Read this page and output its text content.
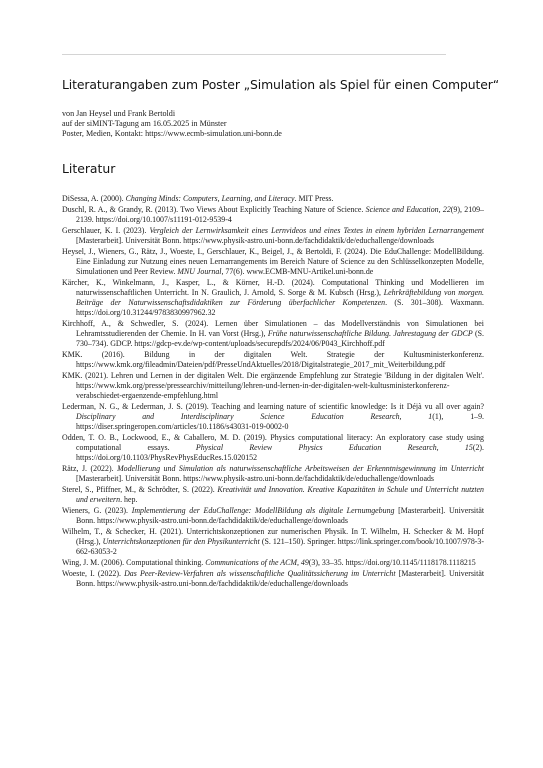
Literaturangaben zum Poster „Simulation als Spiel für einen Computer“
von Jan Heysel und Frank Bertoldi
auf der siMINT-Tagung am 16.05.2025 in Münster
Poster, Medien, Kontakt: https://www.ecmb-simulation.uni-bonn.de
Literatur
DiSessa, A. (2000). Changing Minds: Computers, Learning, and Literacy. MIT Press.
Duschl, R. A., & Grandy, R. (2013). Two Views About Explicitly Teaching Nature of Science. Science and Education, 22(9), 2109–2139. https://doi.org/10.1007/s11191-012-9539-4
Gerschlauer, K. I. (2023). Vergleich der Lernwirksamkeit eines Lernvideos und eines Textes in einem hybriden Lernarrangement [Masterarbeit]. Universität Bonn. https://www.physik-astro.uni-bonn.de/fachdidaktik/de/educhallenge/downloads
Heysel, J., Wieners, G., Rätz, J., Woeste, I., Gerschlauer, K., Beigel, J., & Bertoldi, F. (2024). Die EduChallenge: ModellBildung. Eine Einladung zur Nutzung eines neuen Lernarrangements im Bereich Nature of Science zu den Schlüsselkonzepten Modelle, Simulationen und Peer Review. MNU Journal, 77(6). www.ECMB-MNU-Artikel.uni-bonn.de
Kärcher, K., Winkelmann, J., Kasper, L., & Körner, H.-D. (2024). Computational Thinking und Modellieren im naturwissenschaftlichen Unterricht. In N. Graulich, J. Arnold, S. Sorge & M. Kubsch (Hrsg.), Lehrkräftebildung von morgen. Beiträge der Naturwissenschaftsdidaktiken zur Förderung überfachlicher Kompetenzen. (S. 301–308). Waxmann. https://doi.org/10.31244/9783830997962.32
Kirchhoff, A., & Schwedler, S. (2024). Lernen über Simulationen – das Modellverständnis von Simulationen bei Lehramtsstudierenden der Chemie. In H. van Vorst (Hrsg.), Frühe naturwissenschaftliche Bildung. Jahrestagung der GDCP (S. 730–734). GDCP. https://gdcp-ev.de/wp-content/uploads/securepdfs/2024/06/P043_Kirchhoff.pdf
KMK. (2016). Bildung in der digitalen Welt. Strategie der Kultusministerkonferenz. https://www.kmk.org/fileadmin/Dateien/pdf/PresseUndAktuelles/2018/Digitalstrategie_2017_mit_Weiterbildung.pdf
KMK. (2021). Lehren und Lernen in der digitalen Welt. Die ergänzende Empfehlung zur Strategie 'Bildung in der digitalen Welt'. https://www.kmk.org/presse/pressearchiv/mitteilung/lehren-und-lernen-in-der-digitalen-welt-kultusministerkonferenz-verabschiedet-ergaenzende-empfehlung.html
Lederman, N. G., & Lederman, J. S. (2019). Teaching and learning nature of scientific knowledge: Is it Déjà vu all over again? Disciplinary and Interdisciplinary Science Education Research, 1(1), 1–9. https://diser.springeropen.com/articles/10.1186/s43031-019-0002-0
Odden, T. O. B., Lockwood, E., & Caballero, M. D. (2019). Physics computational literacy: An exploratory case study using computational essays. Physical Review Physics Education Research, 15(2). https://doi.org/10.1103/PhysRevPhysEducRes.15.020152
Rätz, J. (2022). Modellierung und Simulation als naturwissenschaftliche Arbeitsweisen der Erkenntnisgewinnung im Unterricht [Masterarbeit]. Universität Bonn. https://www.physik-astro.uni-bonn.de/fachdidaktik/de/educhallenge/downloads
Sterel, S., Pfiffner, M., & Schrödter, S. (2022). Kreativität und Innovation. Kreative Kapazitäten in Schule und Unterricht nutzten und erweitern. hep.
Wieners, G. (2023). Implementierung der EduChallenge: ModellBildung als digitale Lernumgebung [Masterarbeit]. Universität Bonn. https://www.physik-astro.uni-bonn.de/fachdidaktik/de/educhallenge/downloads
Wilhelm, T., & Schecker, H. (2021). Unterrichtskonzeptionen zur numerischen Physik. In T. Wilhelm, H. Schecker & M. Hopf (Hrsg.), Unterrichtskonzeptionen für den Physikunterricht (S. 121–150). Springer. https://link.springer.com/book/10.1007/978-3-662-63053-2
Wing, J. M. (2006). Computational thinking. Communications of the ACM, 49(3), 33–35. https://doi.org/10.1145/1118178.1118215
Woeste, I. (2022). Das Peer-Review-Verfahren als wissenschaftliche Qualitätssicherung im Unterricht [Masterarbeit]. Universität Bonn. https://www.physik-astro.uni-bonn.de/fachdidaktik/de/educhallenge/downloads
